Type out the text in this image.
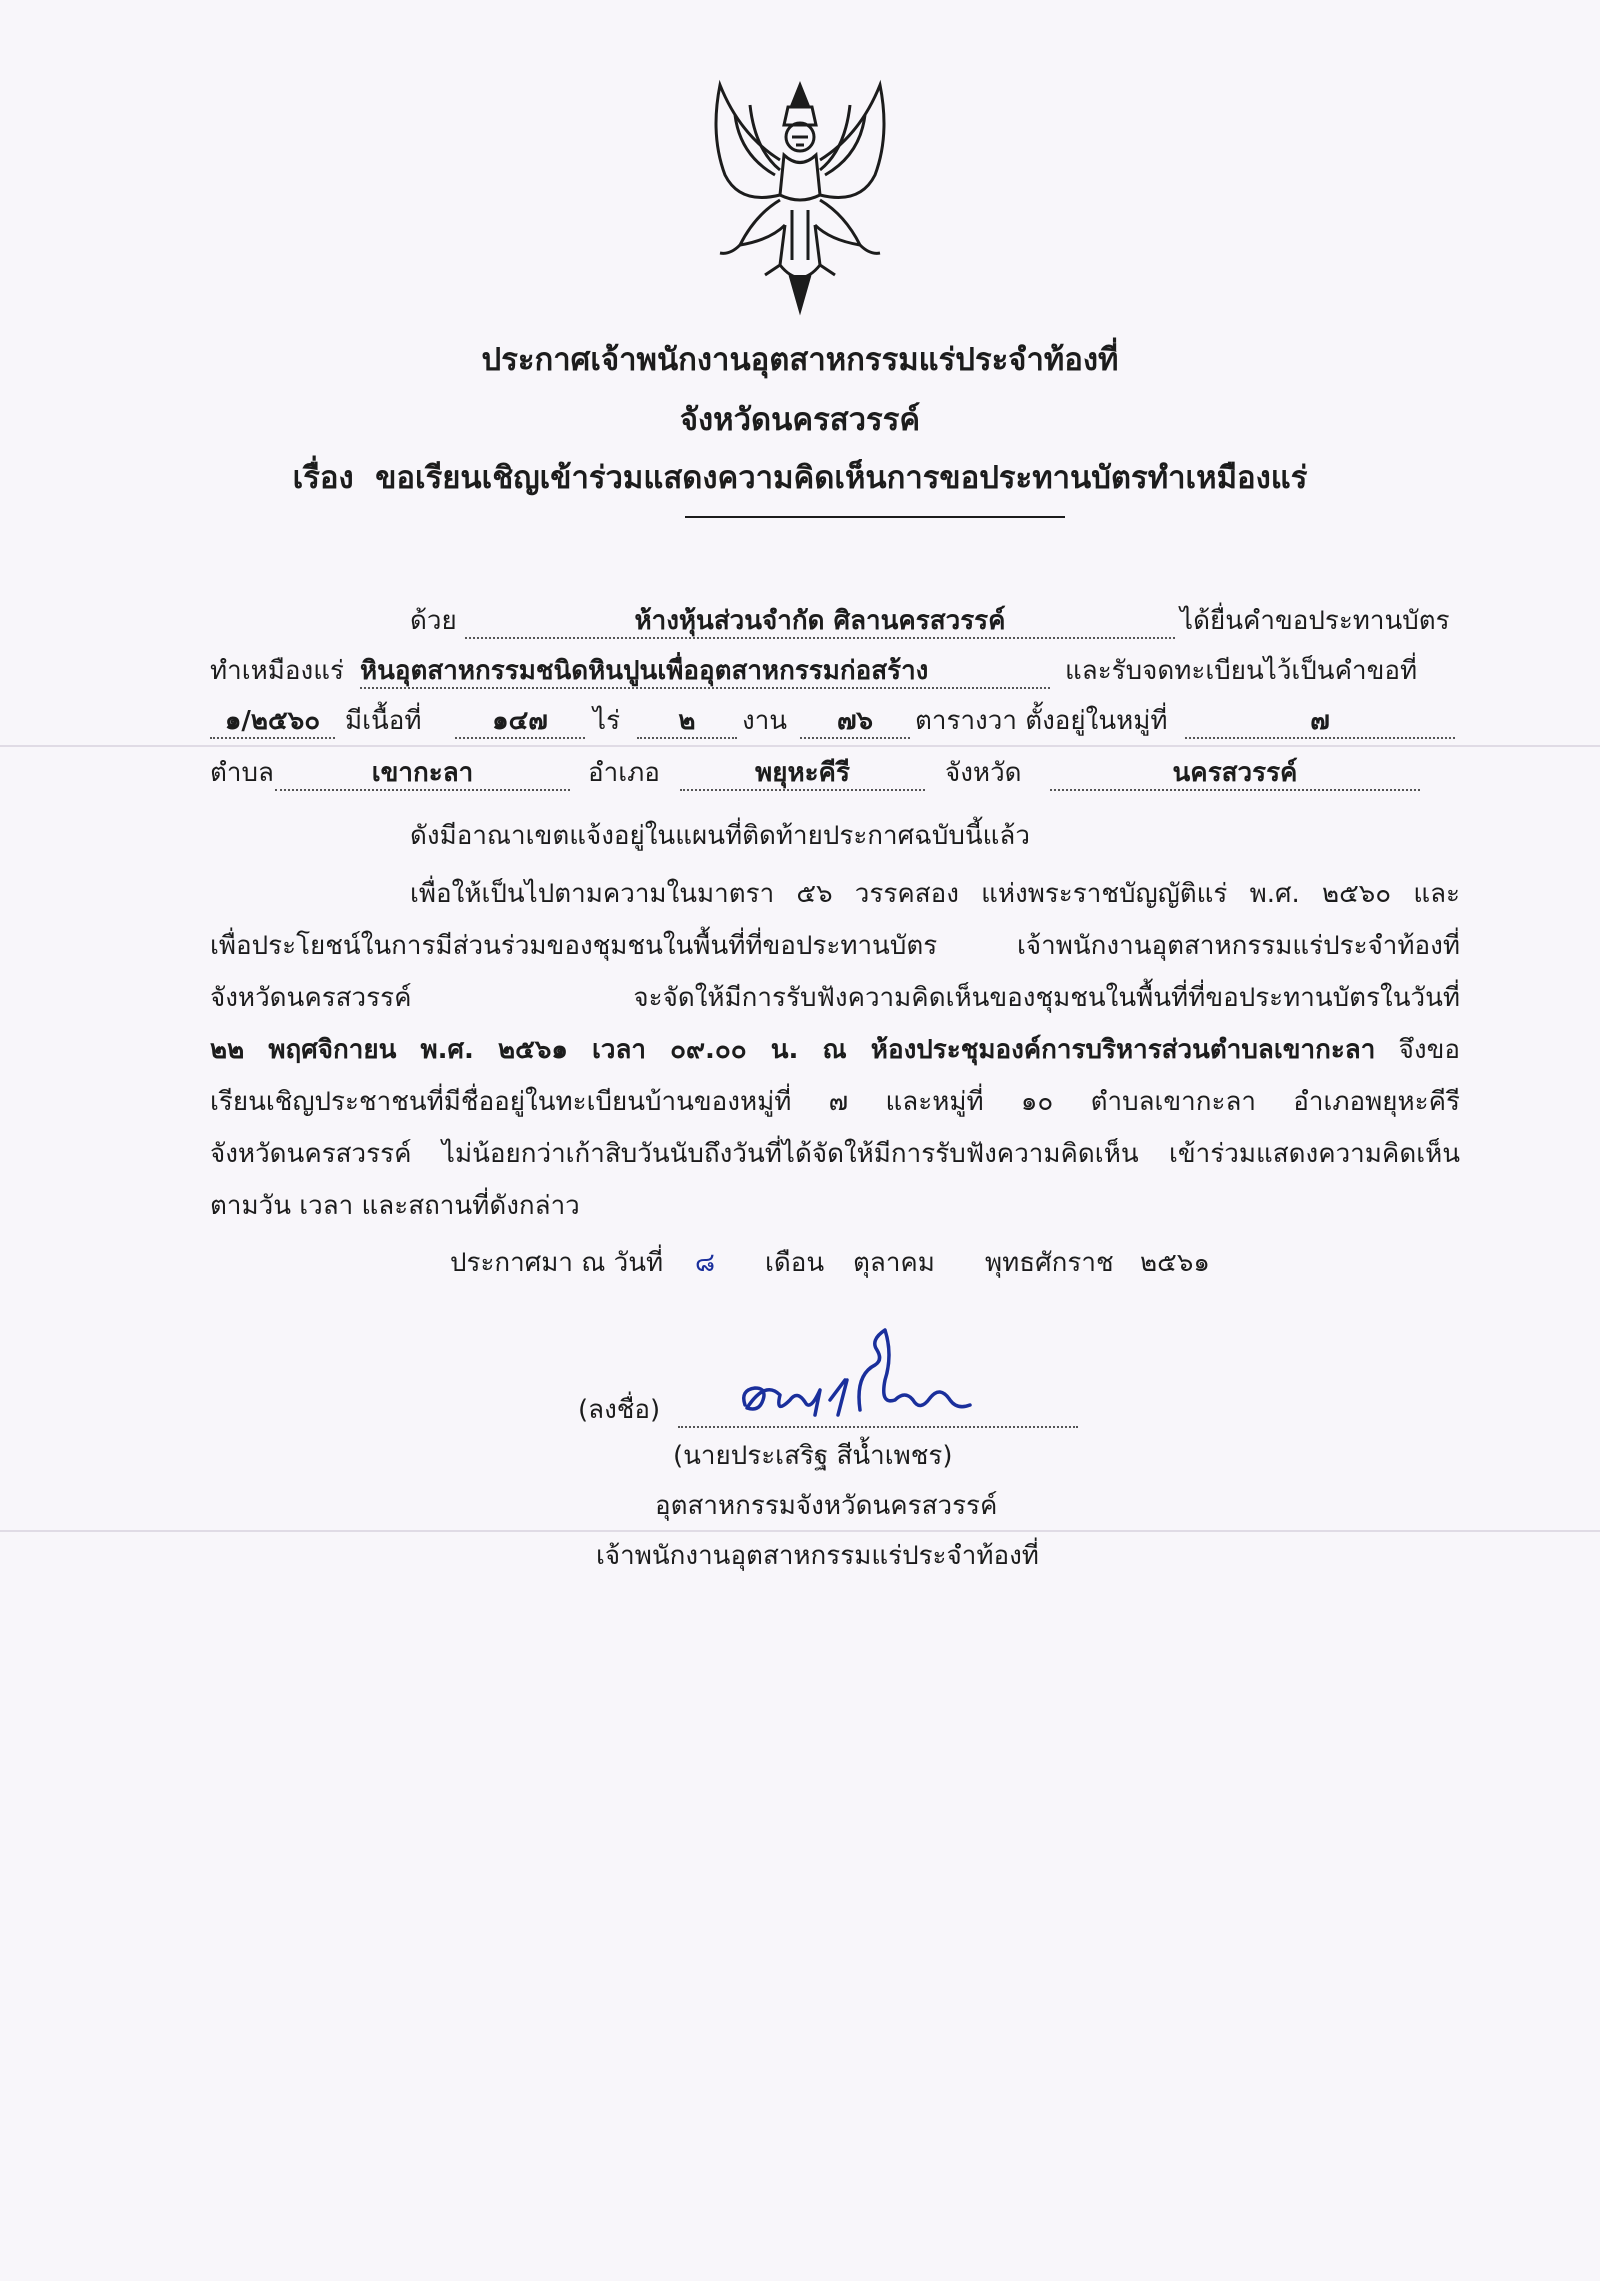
ประกาศเจ้าพนักงานอุตสาหกรรมแร่ประจำท้องที่
จังหวัดนครสวรรค์
เรื่อง ขอเรียนเชิญเข้าร่วมแสดงความคิดเห็นการขอประทานบัตรทำเหมืองแร่
ด้วย	ห้างหุ้นส่วนจำกัด ศิลานครสวรรค์	ได้ยื่นคำขอประทานบัตร
ทำเหมืองแร่ หินอุตสาหกรรมชนิดหินปูนเพื่ออุตสาหกรรมก่อสร้าง	และรับจดทะเบียนไว้เป็นคำขอที่
๑/๒๕๖๐ มีเนื้อที่	๑๔๗	ไร่	๒	งาน	๗๖	ตารางวา ตั้งอยู่ในหมู่ที่	๗
ตำบล	เขากะลา	อำเภอ	พยุหะคีรี	จังหวัด	นครสวรรค์
ดังมีอาณาเขตแจ้งอยู่ในแผนที่ติดท้ายประกาศฉบับนี้แล้ว
เพื่อให้เป็นไปตามความในมาตรา ๕๖ วรรคสอง แห่งพระราชบัญญัติแร่ พ.ศ. ๒๕๖๐ และ
เพื่อประโยชน์ในการมีส่วนร่วมของชุมชนในพื้นที่ที่ขอประทานบัตร เจ้าพนักงานอุตสาหกรรมแร่ประจำท้องที่
จังหวัดนครสวรรค์ จะจัดให้มีการรับฟังความคิดเห็นของชุมชนในพื้นที่ที่ขอประทานบัตรในวันที่
๒๒ พฤศจิกายน พ.ศ. ๒๕๖๑ เวลา ๐๙.๐๐ น. ณ ห้องประชุมองค์การบริหารส่วนตำบลเขากะลา จึงขอ
เรียนเชิญประชาชนที่มีชื่ออยู่ในทะเบียนบ้านของหมู่ที่ ๗ และหมู่ที่ ๑๐ ตำบลเขากะลา อำเภอพยุหะคีรี
จังหวัดนครสวรรค์ ไม่น้อยกว่าเก้าสิบวันนับถึงวันที่ได้จัดให้มีการรับฟังความคิดเห็น เข้าร่วมแสดงความคิดเห็น
ตามวัน เวลา และสถานที่ดังกล่าว
ประกาศมา ณ วันที่ ๘ เดือน ตุลาคม พุทธศักราช ๒๕๖๑
(ลงชื่อ)
(นายประเสริฐ สีน้ำเพชร)
อุตสาหกรรมจังหวัดนครสวรรค์
เจ้าพนักงานอุตสาหกรรมแร่ประจำท้องที่
